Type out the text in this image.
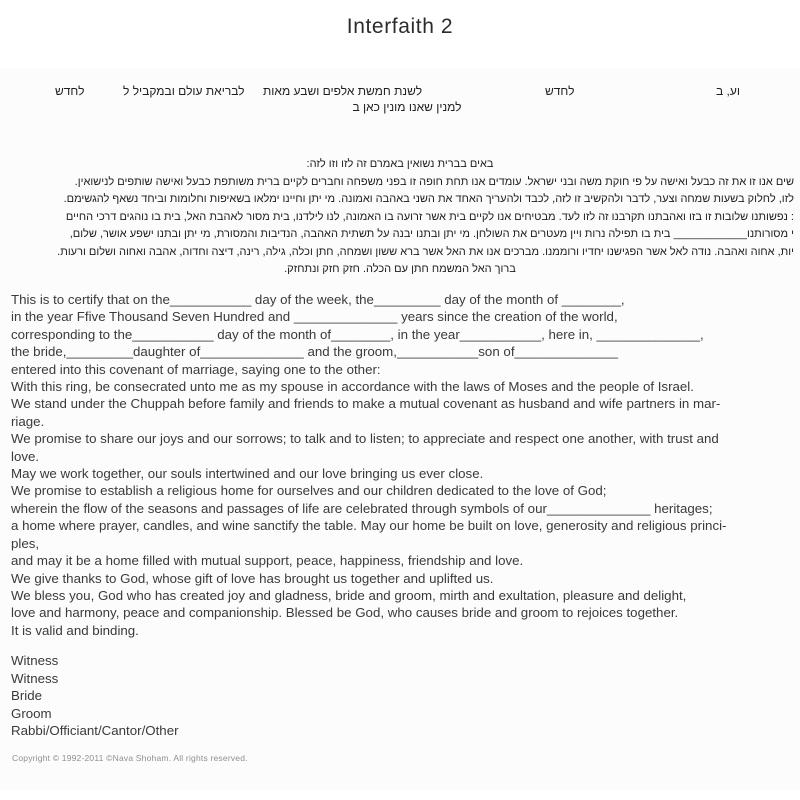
Interfaith 2
וע, ב
לחדש
לשנת חמשת אלפים ושבע מאות
לבריאת עולם ובמקביל ל
לחדש
למנין שאנו מונין כאן ב
באים בברית נשואין באמרם זה לזו וזו לזה:
שים אנו זו את זה כבעל ואישה על פי חוקת משה ובני ישראל. עומדים אנו תחת חופה זו בפני משפחה וחברים לקיים ברית משותפת כבעל ואישה שותפים לנישואין.
לזו, לחלוק בשעות שמחה וצער, לדבר ולהקשיב זו לזה, לכבד ולהעריך האחד את השני באהבה ואמונה. מי יתן וחיינו ימלאו בשאיפות וחלומות וביחד נשאף להגשימם.
: נפשותנו שלובות זו בזו ואהבתנו תקרבנו זה לזו לעד. מבטיחים אנו לקיים בית אשר זרועה בו האמונה, לנו לילדנו, בית מסור לאהבת האל, בית בו נוהגים דרכי החיים
י מסורותנו____________ בית בו תפילה נרות ויין מעטרים את השולחן. מי יתן ובתנו יבנה על תשתית האהבה, הנדיבות והמסורת, מי יתן ובתנו ישפע אושר, שלום,
יות, אחוה ואהבה. נודה לאל אשר הפגישנו יחדיו ורוממנו. מברכים אנו את האל אשר ברא ששון ושמחה, חתן וכלה, גילה, רינה, דיצה וחדוה, אהבה ואחוה ושלום ורעות.
ברוך האל המשמח חתן עם הכלה. חזק חזק ונתחזק.
This is to certify that on the___________ day of the week, the_________ day of the month of ________,
in the year Ffive Thousand Seven Hundred and ______________ years since the creation of the world,
corresponding to the___________ day of the month of________, in the year___________, here in, ______________,
the bride,_________daughter of______________ and the groom,___________son of______________
entered into this covenant of marriage, saying one to the other:
With this ring, be consecrated unto me as my spouse in accordance with the laws of Moses and the people of Israel.
We stand under the Chuppah before family and friends to make a mutual covenant as husband and wife partners in mar-
riage.
We promise to share our joys and our sorrows; to talk and to listen; to appreciate and respect one another, with trust and
love.
May we work together, our souls intertwined and our love bringing us ever close.
We promise to establish a religious home for ourselves and our children dedicated to the love of God;
wherein the flow of the seasons and passages of life are celebrated through symbols of our______________ heritages;
a home where prayer, candles, and wine sanctify the table. May our home be built on love, generosity and religious princi-
ples,
and may it be a home filled with mutual support, peace, happiness, friendship and love.
We give thanks to God, whose gift of love has brought us together and uplifted us.
We bless you, God who has created joy and gladness, bride and groom, mirth and exultation, pleasure and delight,
love and harmony, peace and companionship. Blessed be God, who causes bride and groom to rejoices together.
It is valid and binding.
Witness
Witness
Bride
Groom
Rabbi/Officiant/Cantor/Other
Copyright © 1992-2011 ©Nava Shoham. All rights reserved.
